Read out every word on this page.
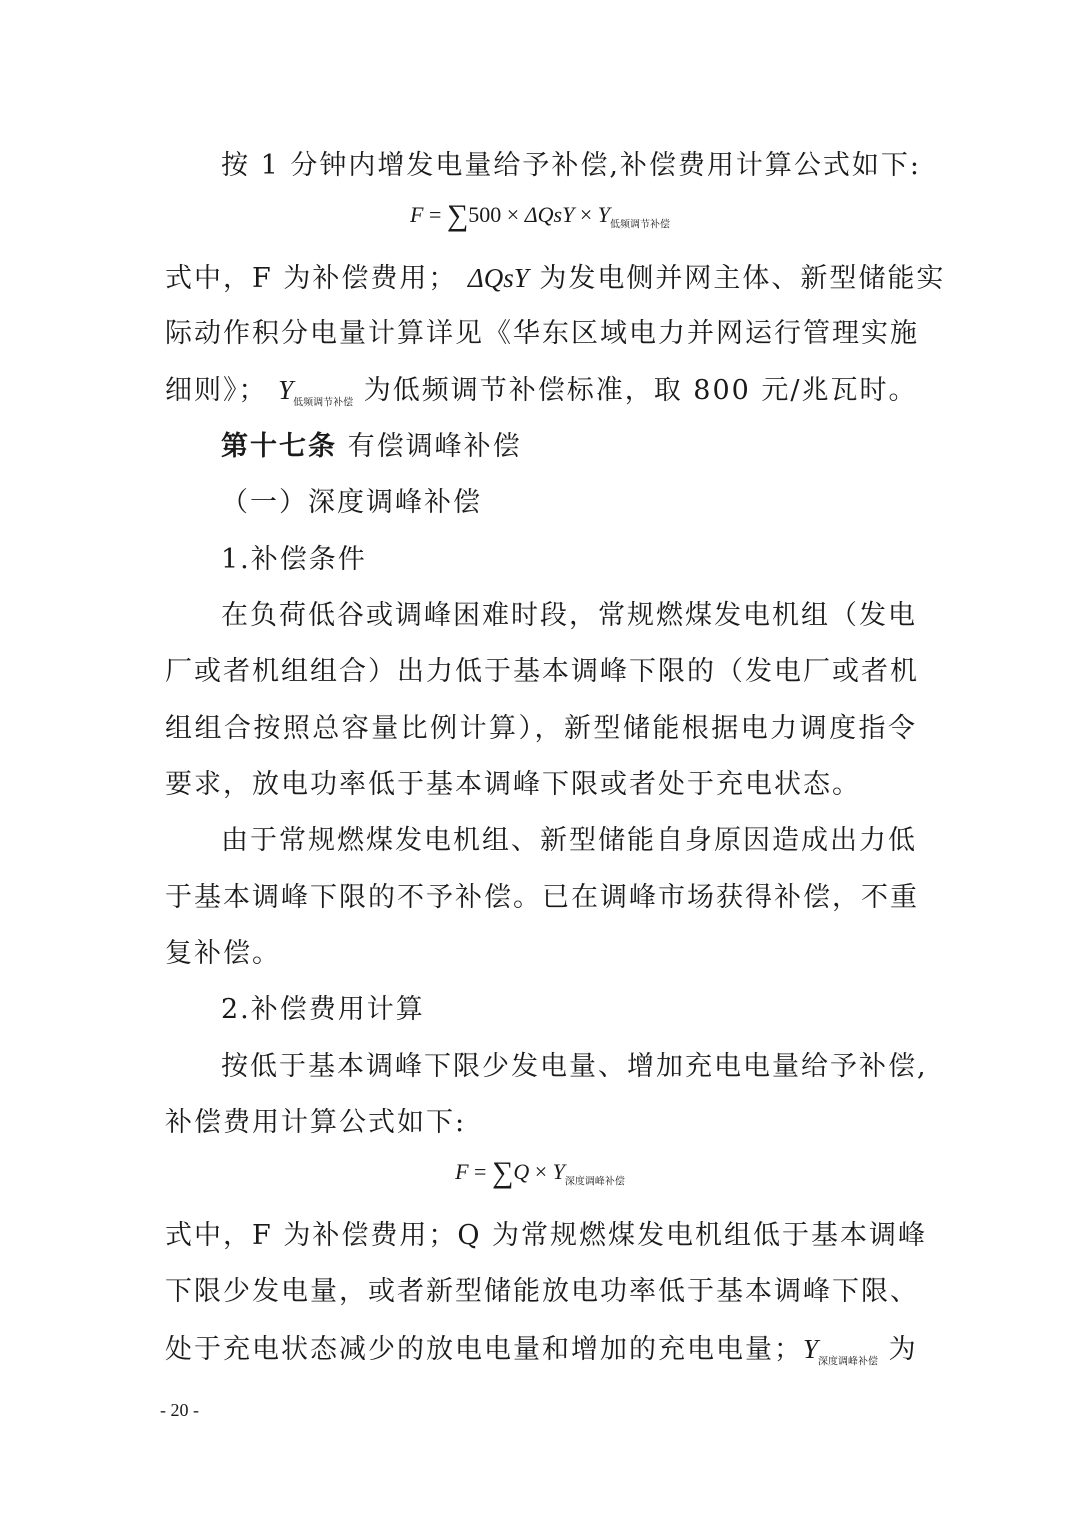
按 1 分钟内增发电量给予补偿,补偿费用计算公式如下:
$F = \sum 500 \times \Delta QsY \times Y_{低频调节补偿}$
式中，F 为补偿费用； ΔQsY 为发电侧并网主体、新型储能实
际动作积分电量计算详见《华东区域电力并网运行管理实施
细则》； $Y_{低频调节补偿}$ 为低频调节补偿标准，取 800 元/兆瓦时。
第十七条 有偿调峰补偿
（一）深度调峰补偿
1.补偿条件
在负荷低谷或调峰困难时段，常规燃煤发电机组（发电
厂或者机组组合）出力低于基本调峰下限的（发电厂或者机
组组合按照总容量比例计算），新型储能根据电力调度指令
要求，放电功率低于基本调峰下限或者处于充电状态。
由于常规燃煤发电机组、新型储能自身原因造成出力低
于基本调峰下限的不予补偿。已在调峰市场获得补偿，不重
复补偿。
2.补偿费用计算
按低于基本调峰下限少发电量、增加充电电量给予补偿,
补偿费用计算公式如下:
$F = \sum Q \times Y_{深度调峰补偿}$
式中，F 为补偿费用；Q 为常规燃煤发电机组低于基本调峰
下限少发电量，或者新型储能放电功率低于基本调峰下限、
处于充电状态减少的放电电量和增加的充电电量；$Y_{深度调峰补偿}$ 为
- 20 -
